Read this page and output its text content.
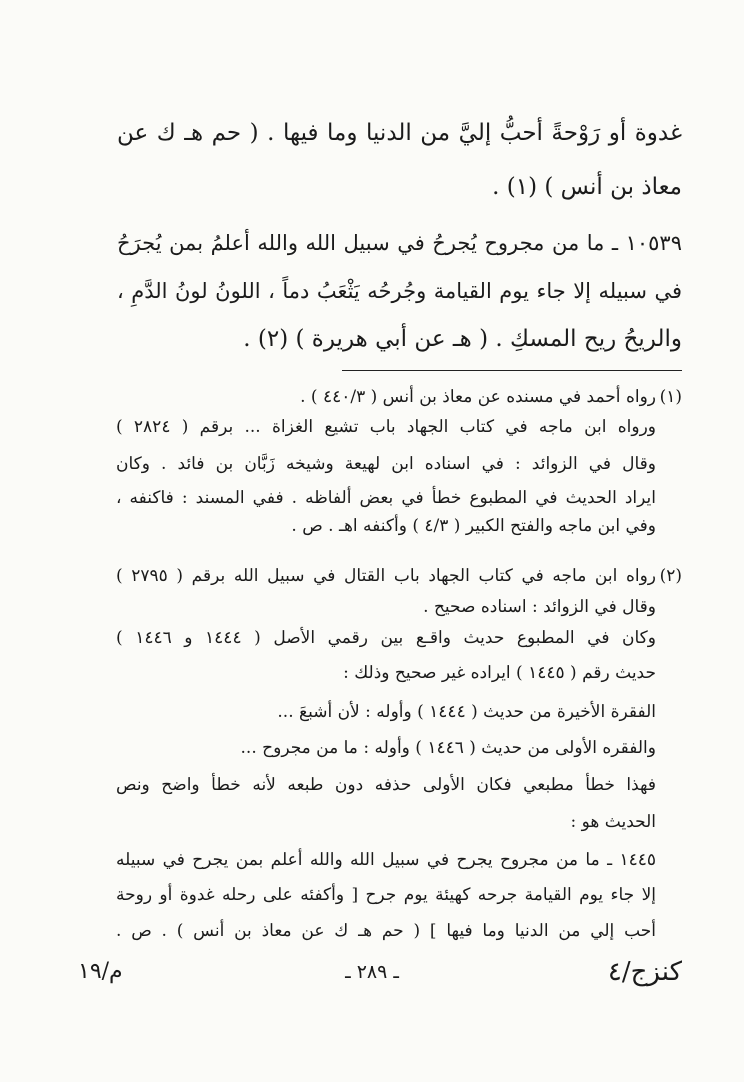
غدوة أو رَوْحةً أحبُّ إليَّ من الدنيا وما فيها . ( حم هـ ك عن
معاذ بن أنس ) (١) .
١٠٥٣٩ ـ ما من مجروح يُجرحُ في سبيل الله والله أعلمُ بمن يُجرَحُ
في سبيله إلا جاء يوم القيامة وجُرحُه يَثْعَبُ دماً ، اللونُ لونُ الدَّمِ ،
والريحُ ريح المسكِ . ( هـ عن أبي هريرة ) (٢) .
(١)
رواه أحمد في مسنده عن معاذ بن أنس ( ٤٤٠/٣ ) .
ورواه ابن ماجه في كتاب الجهاد باب تشيع الغزاة ... برقم ( ٢٨٢٤ )
وقال في الزوائد : في اسناده ابن لهيعة وشيخه زَبَّان بن فائد . وكان
ايراد الحديث في المطبوع خطأ في بعض ألفاظه . ففي المسند : فاكنفه ،
وفي ابن ماجه والفتح الكبير ( ٤/٣ ) وأكنفه اهـ . ص .
(٢)
رواه ابن ماجه في كتاب الجهاد باب القتال في سبيل الله برقم ( ٢٧٩٥ )
وقال في الزوائد : اسناده صحيح .
وكان في المطبوع حديث واقـع بين رقمي الأصل ( ١٤٤٤ و ١٤٤٦ )
حديث رقم ( ١٤٤٥ ) ايراده غير صحيح وذلك :
الفقرة الأخيرة من حديث ( ١٤٤٤ ) وأوله : لأن أشبعَ ...
والفقره الأولى من حديث ( ١٤٤٦ ) وأوله : ما من مجروح ...
فهذا خطأ مطبعي فكان الأولى حذفه دون طبعه لأنه خطأ واضح ونص
الحديث هو :
١٤٤٥ ـ ما من مجروح يجرح في سبيل الله والله أعلم بمن يجرح في سبيله
إلا جاء يوم القيامة جرحه كهيئة يوم جرح [ وأكفئه على رحله غدوة أو روحة
أحب إلي من الدنيا وما فيها ] ( حم هـ ك عن معاذ بن أنس ) . ص .
كنزج/٤
ـ ٢٨٩ ـ
م/١٩
